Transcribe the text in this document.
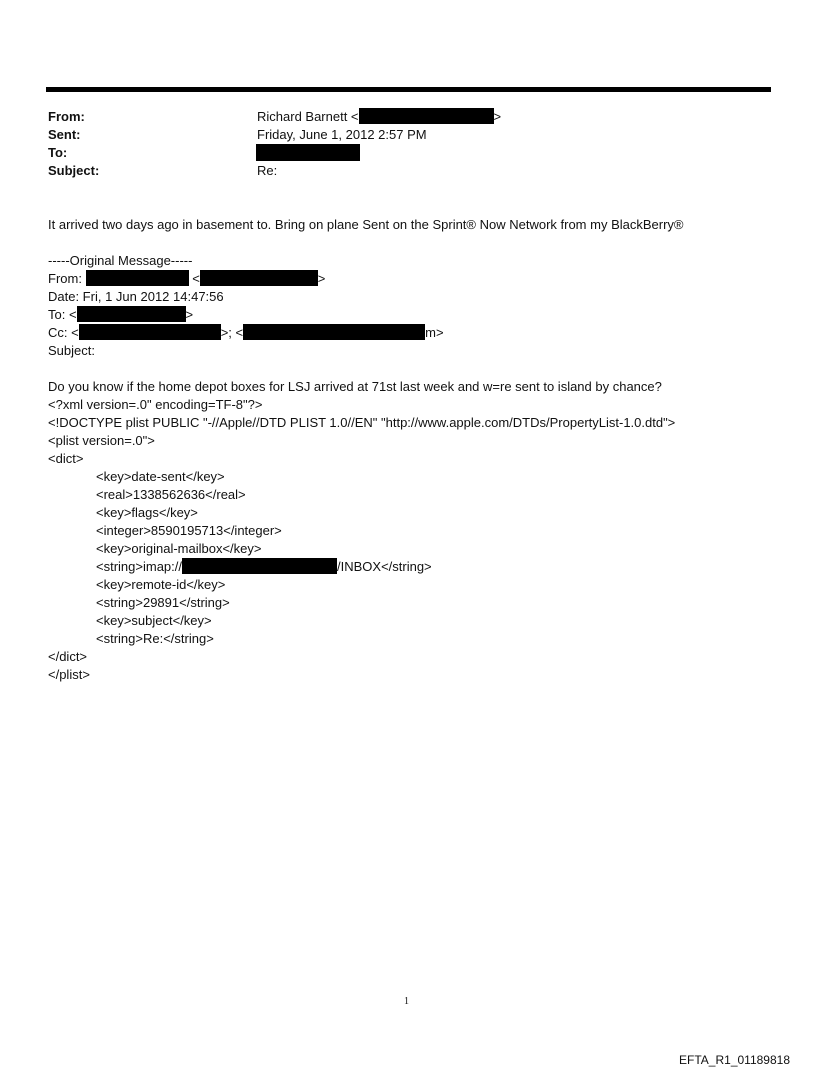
From:	Richard Barnett <	>
Sent:	Friday, June 1, 2012 2:57 PM
To:
Subject:	Re:
It arrived two days ago in basement to. Bring on plane Sent on the Sprint® Now Network from my BlackBerry®
-----Original Message-----
From:	<	>
Date: Fri, 1 Jun 2012 14:47:56
To: <	>
Cc: <	>; <	m>
Subject:
Do you know if the home depot boxes for LSJ arrived at 71st last week and w=re sent to island by chance?
<?xml version=.0" encoding=TF-8"?>
<!DOCTYPE plist PUBLIC "-//Apple//DTD PLIST 1.0//EN" "http://www.apple.com/DTDs/PropertyList-1.0.dtd">
<plist version=.0">
<dict>
<key>date-sent</key>
<real>1338562636</real>
<key>flags</key>
<integer>8590195713</integer>
<key>original-mailbox</key>
<string>imap://	/INBOX</string>
<key>remote-id</key>
<string>29891</string>
<key>subject</key>
<string>Re:</string>
</dict>
</plist>
1
EFTA_R1_01189818
